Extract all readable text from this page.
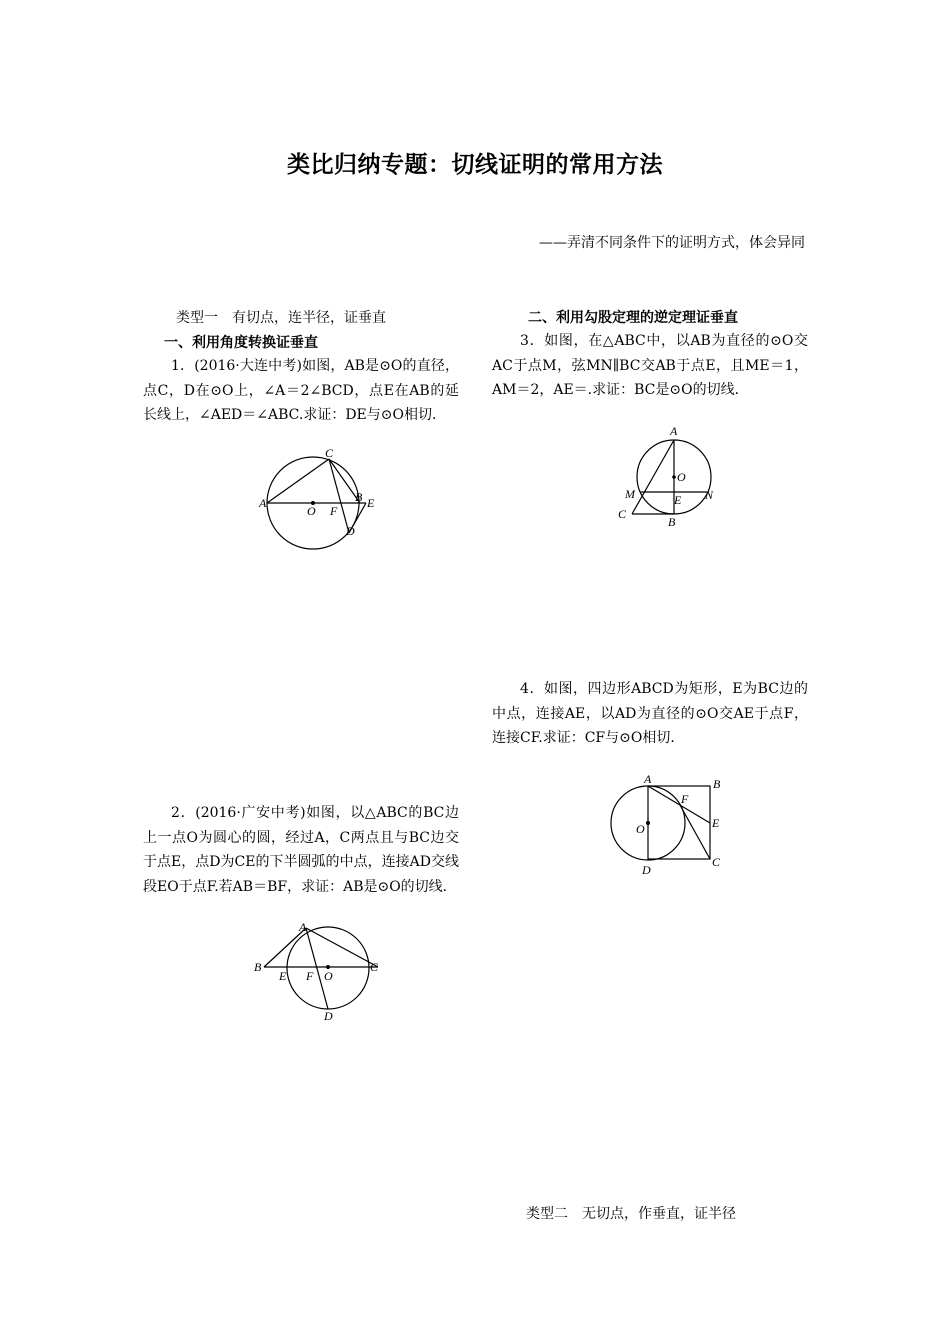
类比归纳专题：切线证明的常用方法
——弄清不同条件下的证明方式，体会异同
类型一　有切点，连半径，证垂直
一、利用角度转换证垂直

1．(2016·大连中考)如图，AB是⊙O的直径，点C，D在⊙O上，∠A＝2∠BCD，点E在AB的延长线上，∠AED＝∠ABC.求证：DE与⊙O相切．

A
O F
B E
C
D

2．(2016·广安中考)如图，以△ABC的BC边上一点O为圆心的圆，经过A，C两点且与BC边交于点E，点D为CE的下半圆弧的中点，连接AD交线段EO于点F.若AB＝BF，求证：AB是⊙O的切线．

A
B
E F O
C
D
二、利用勾股定理的逆定理证垂直

3．如图，在△ABC中，以AB为直径的⊙O交AC于点M，弦MN∥BC交AB于点E，且ME＝1，AM＝2，AE＝.求证：BC是⊙O的切线．

A
O
M	E N
C
B

4．如图，四边形ABCD为矩形，E为BC边的中点，连接AE，以AD为直径的⊙O交AE于点F，连接CF.求证：CF与⊙O相切．

A	B
F
O	E
D
C
类型二　无切点，作垂直，证半径
